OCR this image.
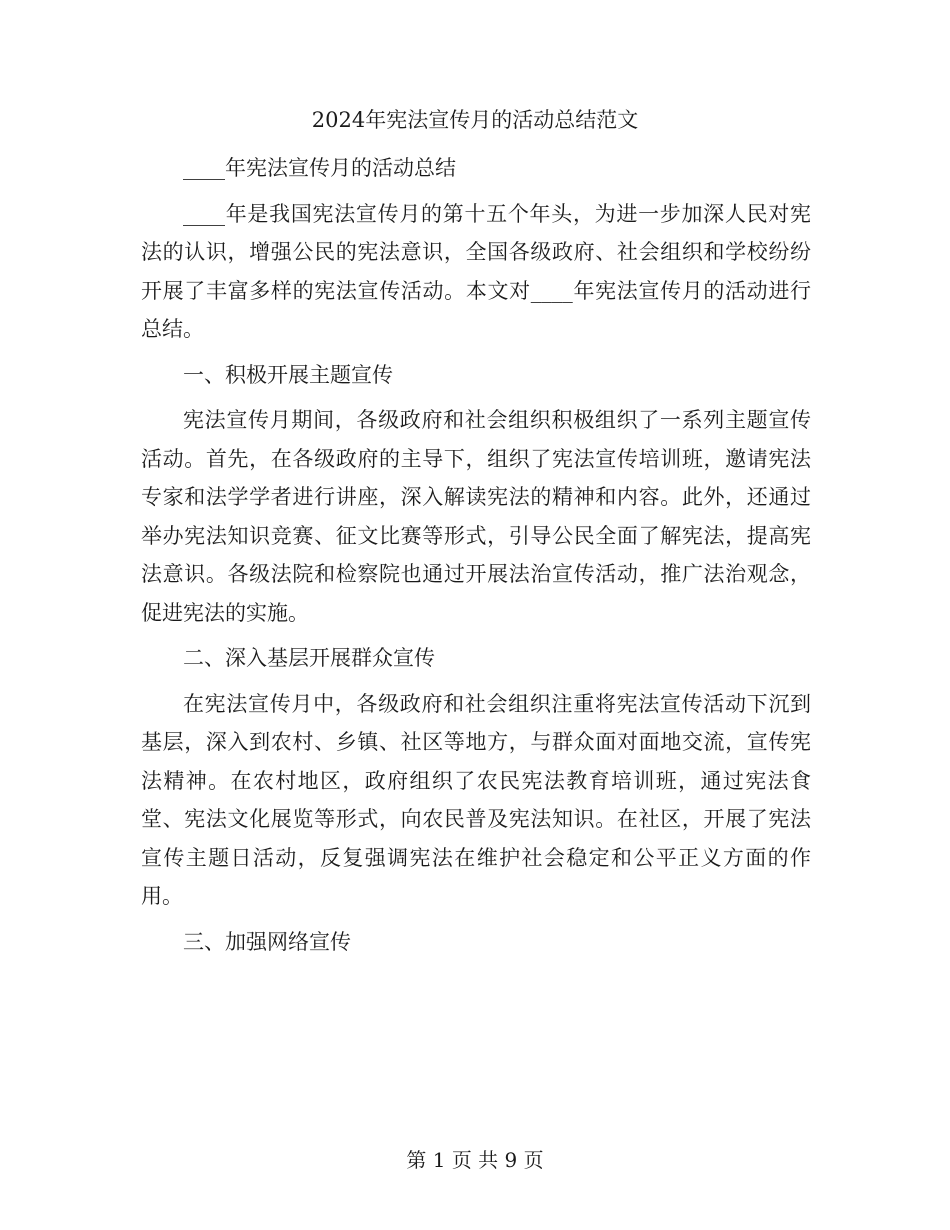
2024年宪法宣传月的活动总结范文

____年宪法宣传月的活动总结

____年是我国宪法宣传月的第十五个年头，为进一步加深人民对宪法的认识，增强公民的宪法意识，全国各级政府、社会组织和学校纷纷开展了丰富多样的宪法宣传活动。本文对____年宪法宣传月的活动进行总结。

一、积极开展主题宣传

宪法宣传月期间，各级政府和社会组织积极组织了一系列主题宣传活动。首先，在各级政府的主导下，组织了宪法宣传培训班，邀请宪法专家和法学学者进行讲座，深入解读宪法的精神和内容。此外，还通过举办宪法知识竞赛、征文比赛等形式，引导公民全面了解宪法，提高宪法意识。各级法院和检察院也通过开展法治宣传活动，推广法治观念，促进宪法的实施。

二、深入基层开展群众宣传

在宪法宣传月中，各级政府和社会组织注重将宪法宣传活动下沉到基层，深入到农村、乡镇、社区等地方，与群众面对面地交流，宣传宪法精神。在农村地区，政府组织了农民宪法教育培训班，通过宪法食堂、宪法文化展览等形式，向农民普及宪法知识。在社区，开展了宪法宣传主题日活动，反复强调宪法在维护社会稳定和公平正义方面的作用。

三、加强网络宣传

第 1 页 共 9 页
